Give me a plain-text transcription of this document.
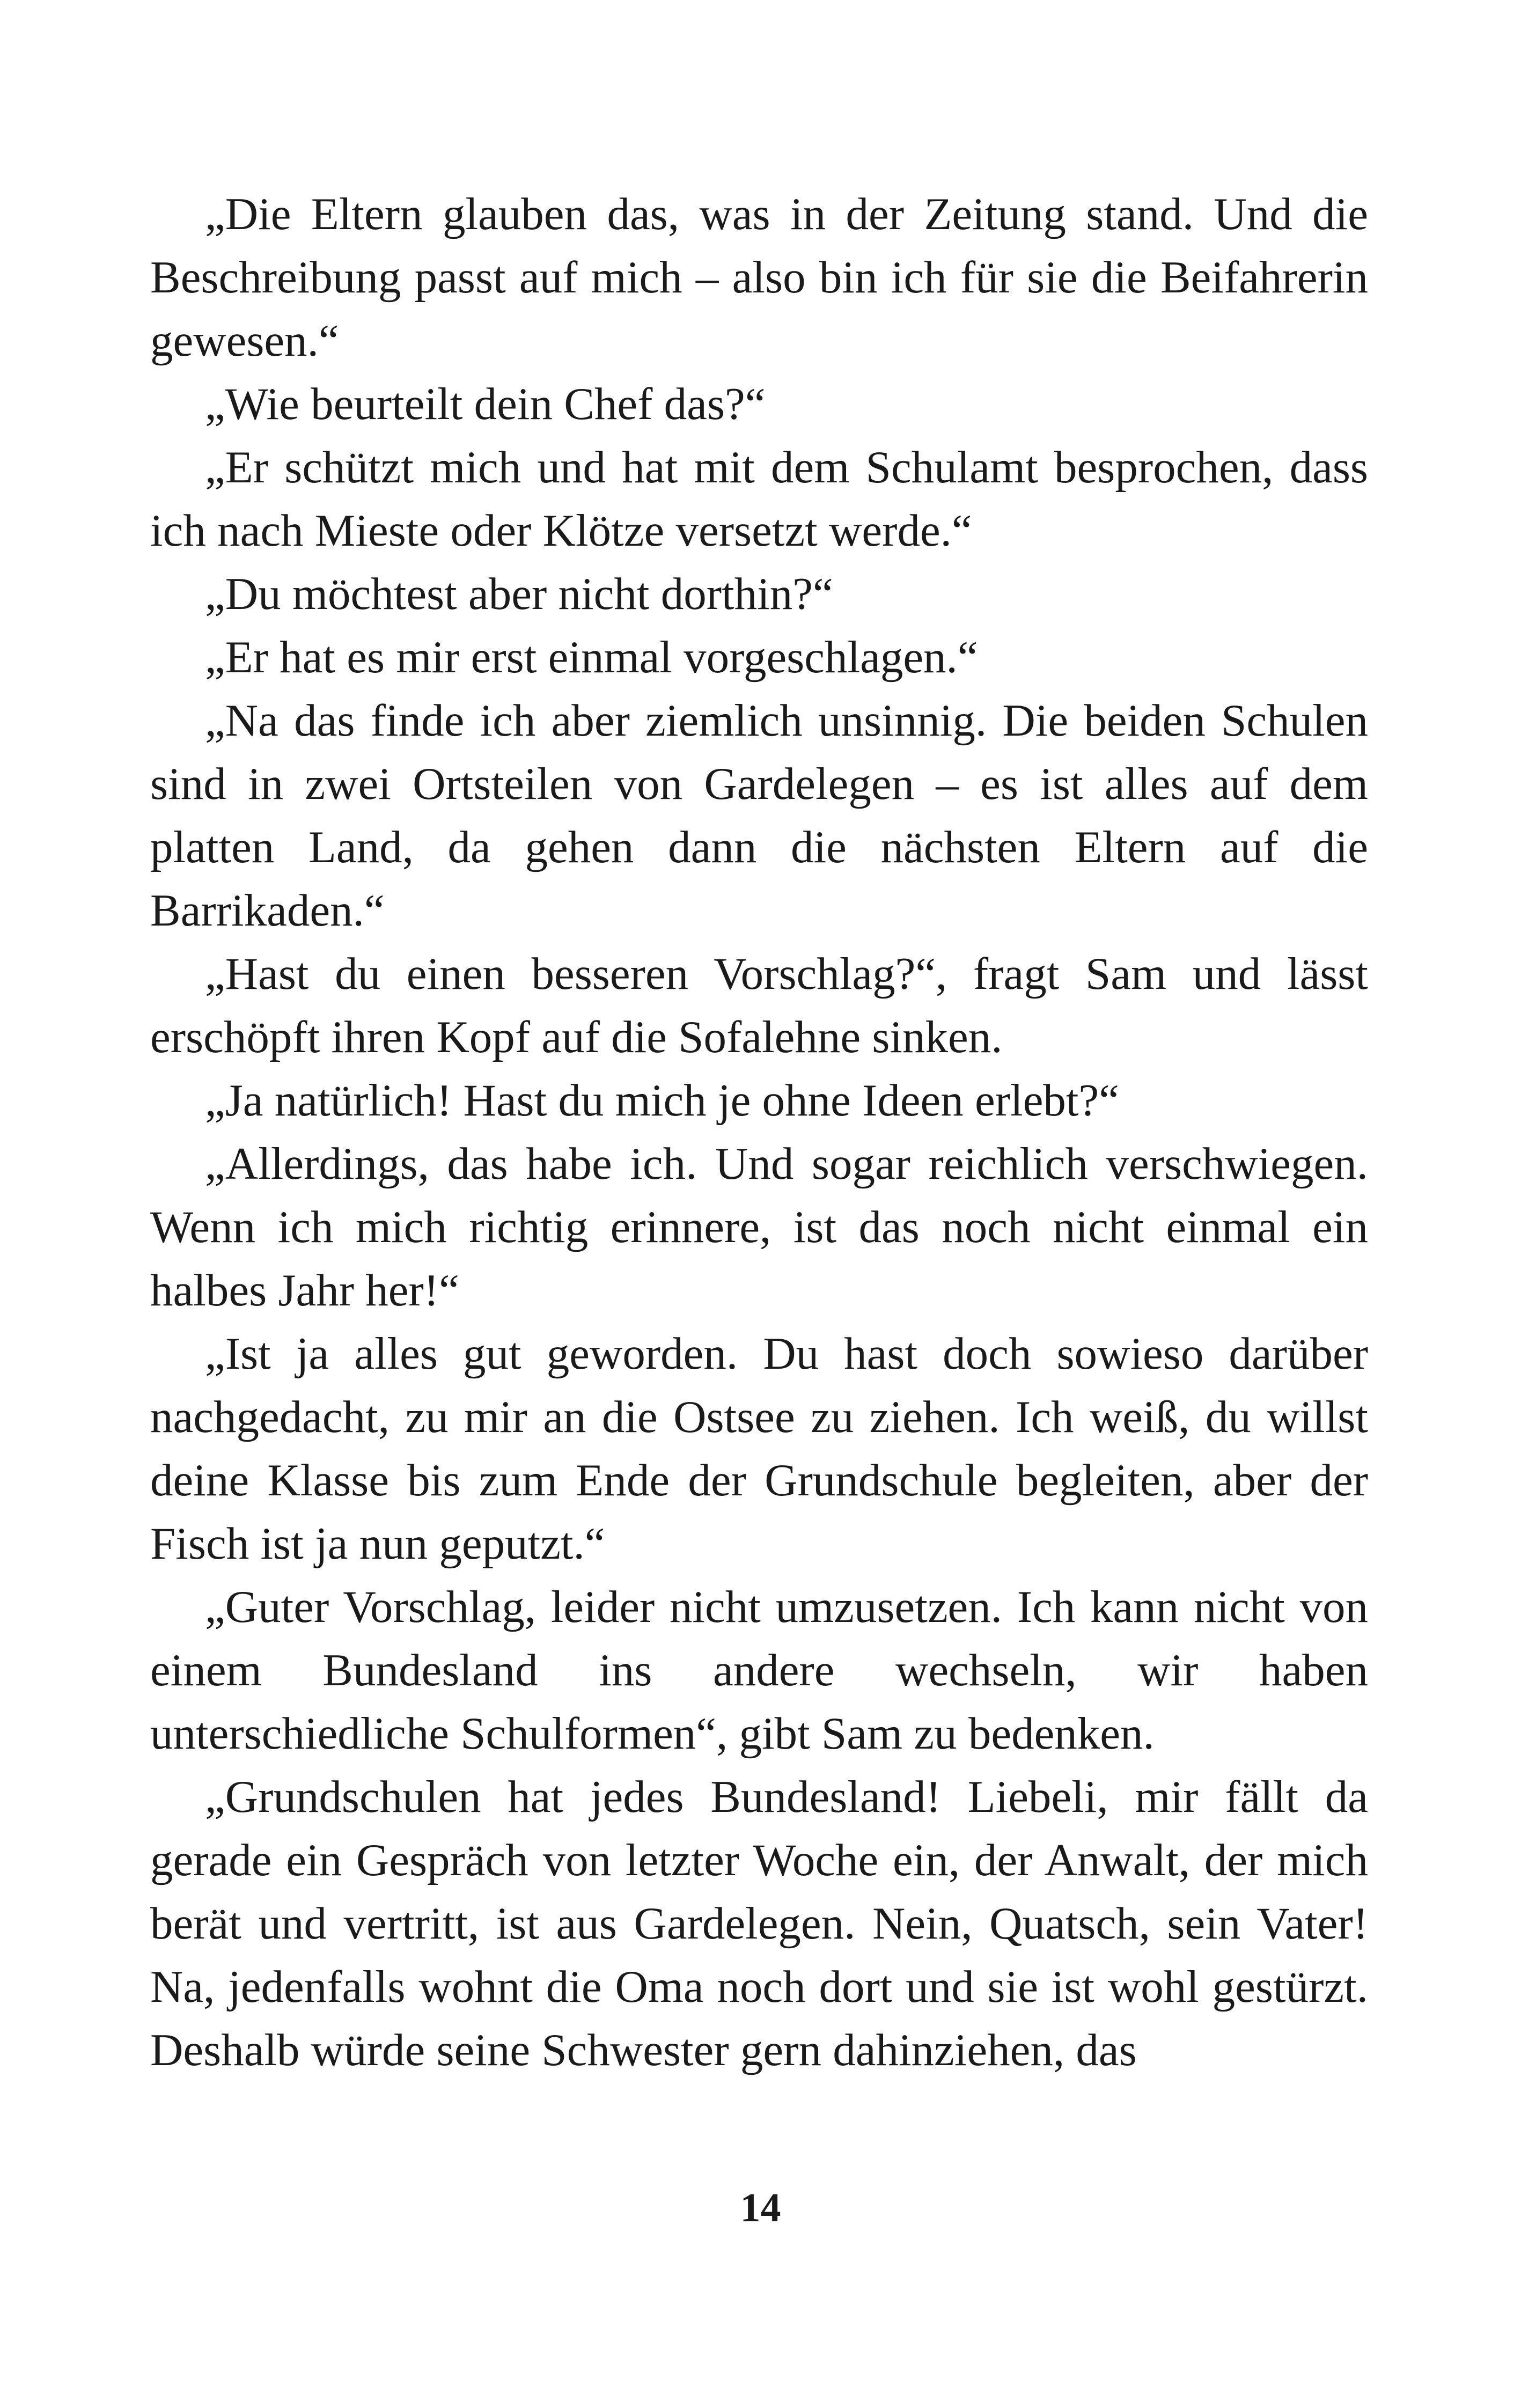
„Die Eltern glauben das, was in der Zeitung stand. Und die Beschreibung passt auf mich – also bin ich für sie die Beifahrerin gewesen.“

„Wie beurteilt dein Chef das?“

„Er schützt mich und hat mit dem Schulamt besprochen, dass ich nach Mieste oder Klötze versetzt werde.“

„Du möchtest aber nicht dorthin?“

„Er hat es mir erst einmal vorgeschlagen.“

„Na das finde ich aber ziemlich unsinnig. Die beiden Schulen sind in zwei Ortsteilen von Gardelegen – es ist alles auf dem platten Land, da gehen dann die nächsten Eltern auf die Barrikaden.“

„Hast du einen besseren Vorschlag?“, fragt Sam und lässt erschöpft ihren Kopf auf die Sofalehne sinken.

„Ja natürlich! Hast du mich je ohne Ideen erlebt?“

„Allerdings, das habe ich. Und sogar reichlich verschwiegen. Wenn ich mich richtig erinnere, ist das noch nicht einmal ein halbes Jahr her!“

„Ist ja alles gut geworden. Du hast doch sowieso darüber nachgedacht, zu mir an die Ostsee zu ziehen. Ich weiß, du willst deine Klasse bis zum Ende der Grundschule begleiten, aber der Fisch ist ja nun geputzt.“

„Guter Vorschlag, leider nicht umzusetzen. Ich kann nicht von einem Bundesland ins andere wechseln, wir haben unterschiedliche Schulformen“, gibt Sam zu bedenken.

„Grundschulen hat jedes Bundesland! Liebeli, mir fällt da gerade ein Gespräch von letzter Woche ein, der Anwalt, der mich berät und vertritt, ist aus Gardelegen. Nein, Quatsch, sein Vater! Na, jedenfalls wohnt die Oma noch dort und sie ist wohl gestürzt. Deshalb würde seine Schwester gern dahinziehen, das

14
